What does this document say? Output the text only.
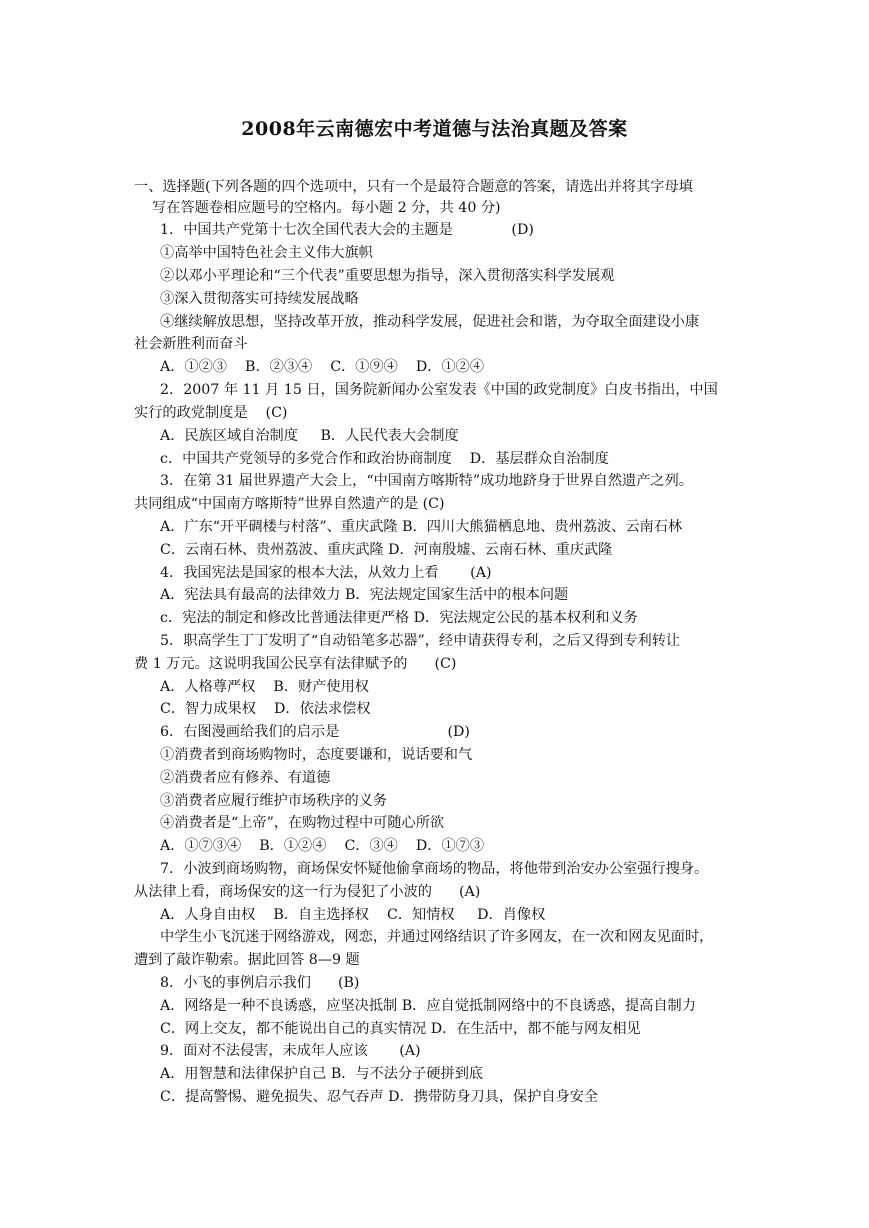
2008年云南德宏中考道德与法治真题及答案
一、选择题(下列各题的四个选项中，只有一个是最符合题意的答案，请选出并将其字母填
写在答题卷相应题号的空格内。每小题 2 分，共 40 分)
1．中国共产党第十七次全国代表大会的主题是             (D)
①高举中国特色社会主义伟大旗帜
②以邓小平理论和“三个代表”重要思想为指导，深入贯彻落实科学发展观
③深入贯彻落实可持续发展战略
④继续解放思想，坚持改革开放，推动科学发展，促进社会和谐，为夺取全面建设小康
社会新胜利而奋斗
A．①②③    B．②③④    C．①⑨④    D．①②④
2．2007 年 11 月 15 日，国务院新闻办公室发表《中国的政党制度》白皮书指出，中国
实行的政党制度是    (C)
A．民族区域自治制度     B．人民代表大会制度
c．中国共产党领导的多党合作和政治协商制度    D．基层群众自治制度
3．在第 31 届世界遗产大会上，“中国南方喀斯特”成功地跻身于世界自然遗产之列。
共同组成“中国南方喀斯特”世界自然遗产的是 (C)
A．广东“开平碉楼与村落”、重庆武隆 B．四川大熊猫栖息地、贵州荔波、云南石林
C．云南石林、贵州荔波、重庆武隆 D．河南殷墟、云南石林、重庆武隆
4．我国宪法是国家的根本大法，从效力上看       (A)
A．宪法具有最高的法律效力 B．宪法规定国家生活中的根本问题
c．宪法的制定和修改比普通法律更严格 D．宪法规定公民的基本权利和义务
5．职高学生丁丁发明了“自动铅笔多芯器”，经申请获得专利，之后又得到专利转让
费 1 万元。这说明我国公民享有法律赋予的      (C)
A．人格尊严权    B．财产使用权
C．智力成果权    D．依法求偿权
6．右图漫画给我们的启示是                        (D)
①消费者到商场购物时，态度要谦和，说话要和气
②消费者应有修养、有道德
③消费者应履行维护市场秩序的义务
④消费者是“上帝”，在购物过程中可随心所欲
A．①⑦③④    B．①②④    C．③④    D．①⑦③
7．小波到商场购物，商场保安怀疑他偷拿商场的物品，将他带到治安办公室强行搜身。
从法律上看，商场保安的这一行为侵犯了小波的      (A)
A．人身自由权    B．自主选择权    C．知情权     D．肖像权
中学生小飞沉迷于网络游戏，网恋，并通过网络结识了许多网友，在一次和网友见面时，
遭到了敲诈勒索。据此回答 8—9 题
8．小飞的事例启示我们      (B)
A．网络是一种不良诱惑，应坚决抵制 B．应自觉抵制网络中的不良诱惑，提高自制力
C．网上交友，都不能说出自己的真实情况 D．在生活中，都不能与网友相见
9．面对不法侵害，未成年人应该       (A)
A．用智慧和法律保护自己 B．与不法分子硬拼到底
C．提高警惕、避免损失、忍气吞声 D．携带防身刀具，保护自身安全
